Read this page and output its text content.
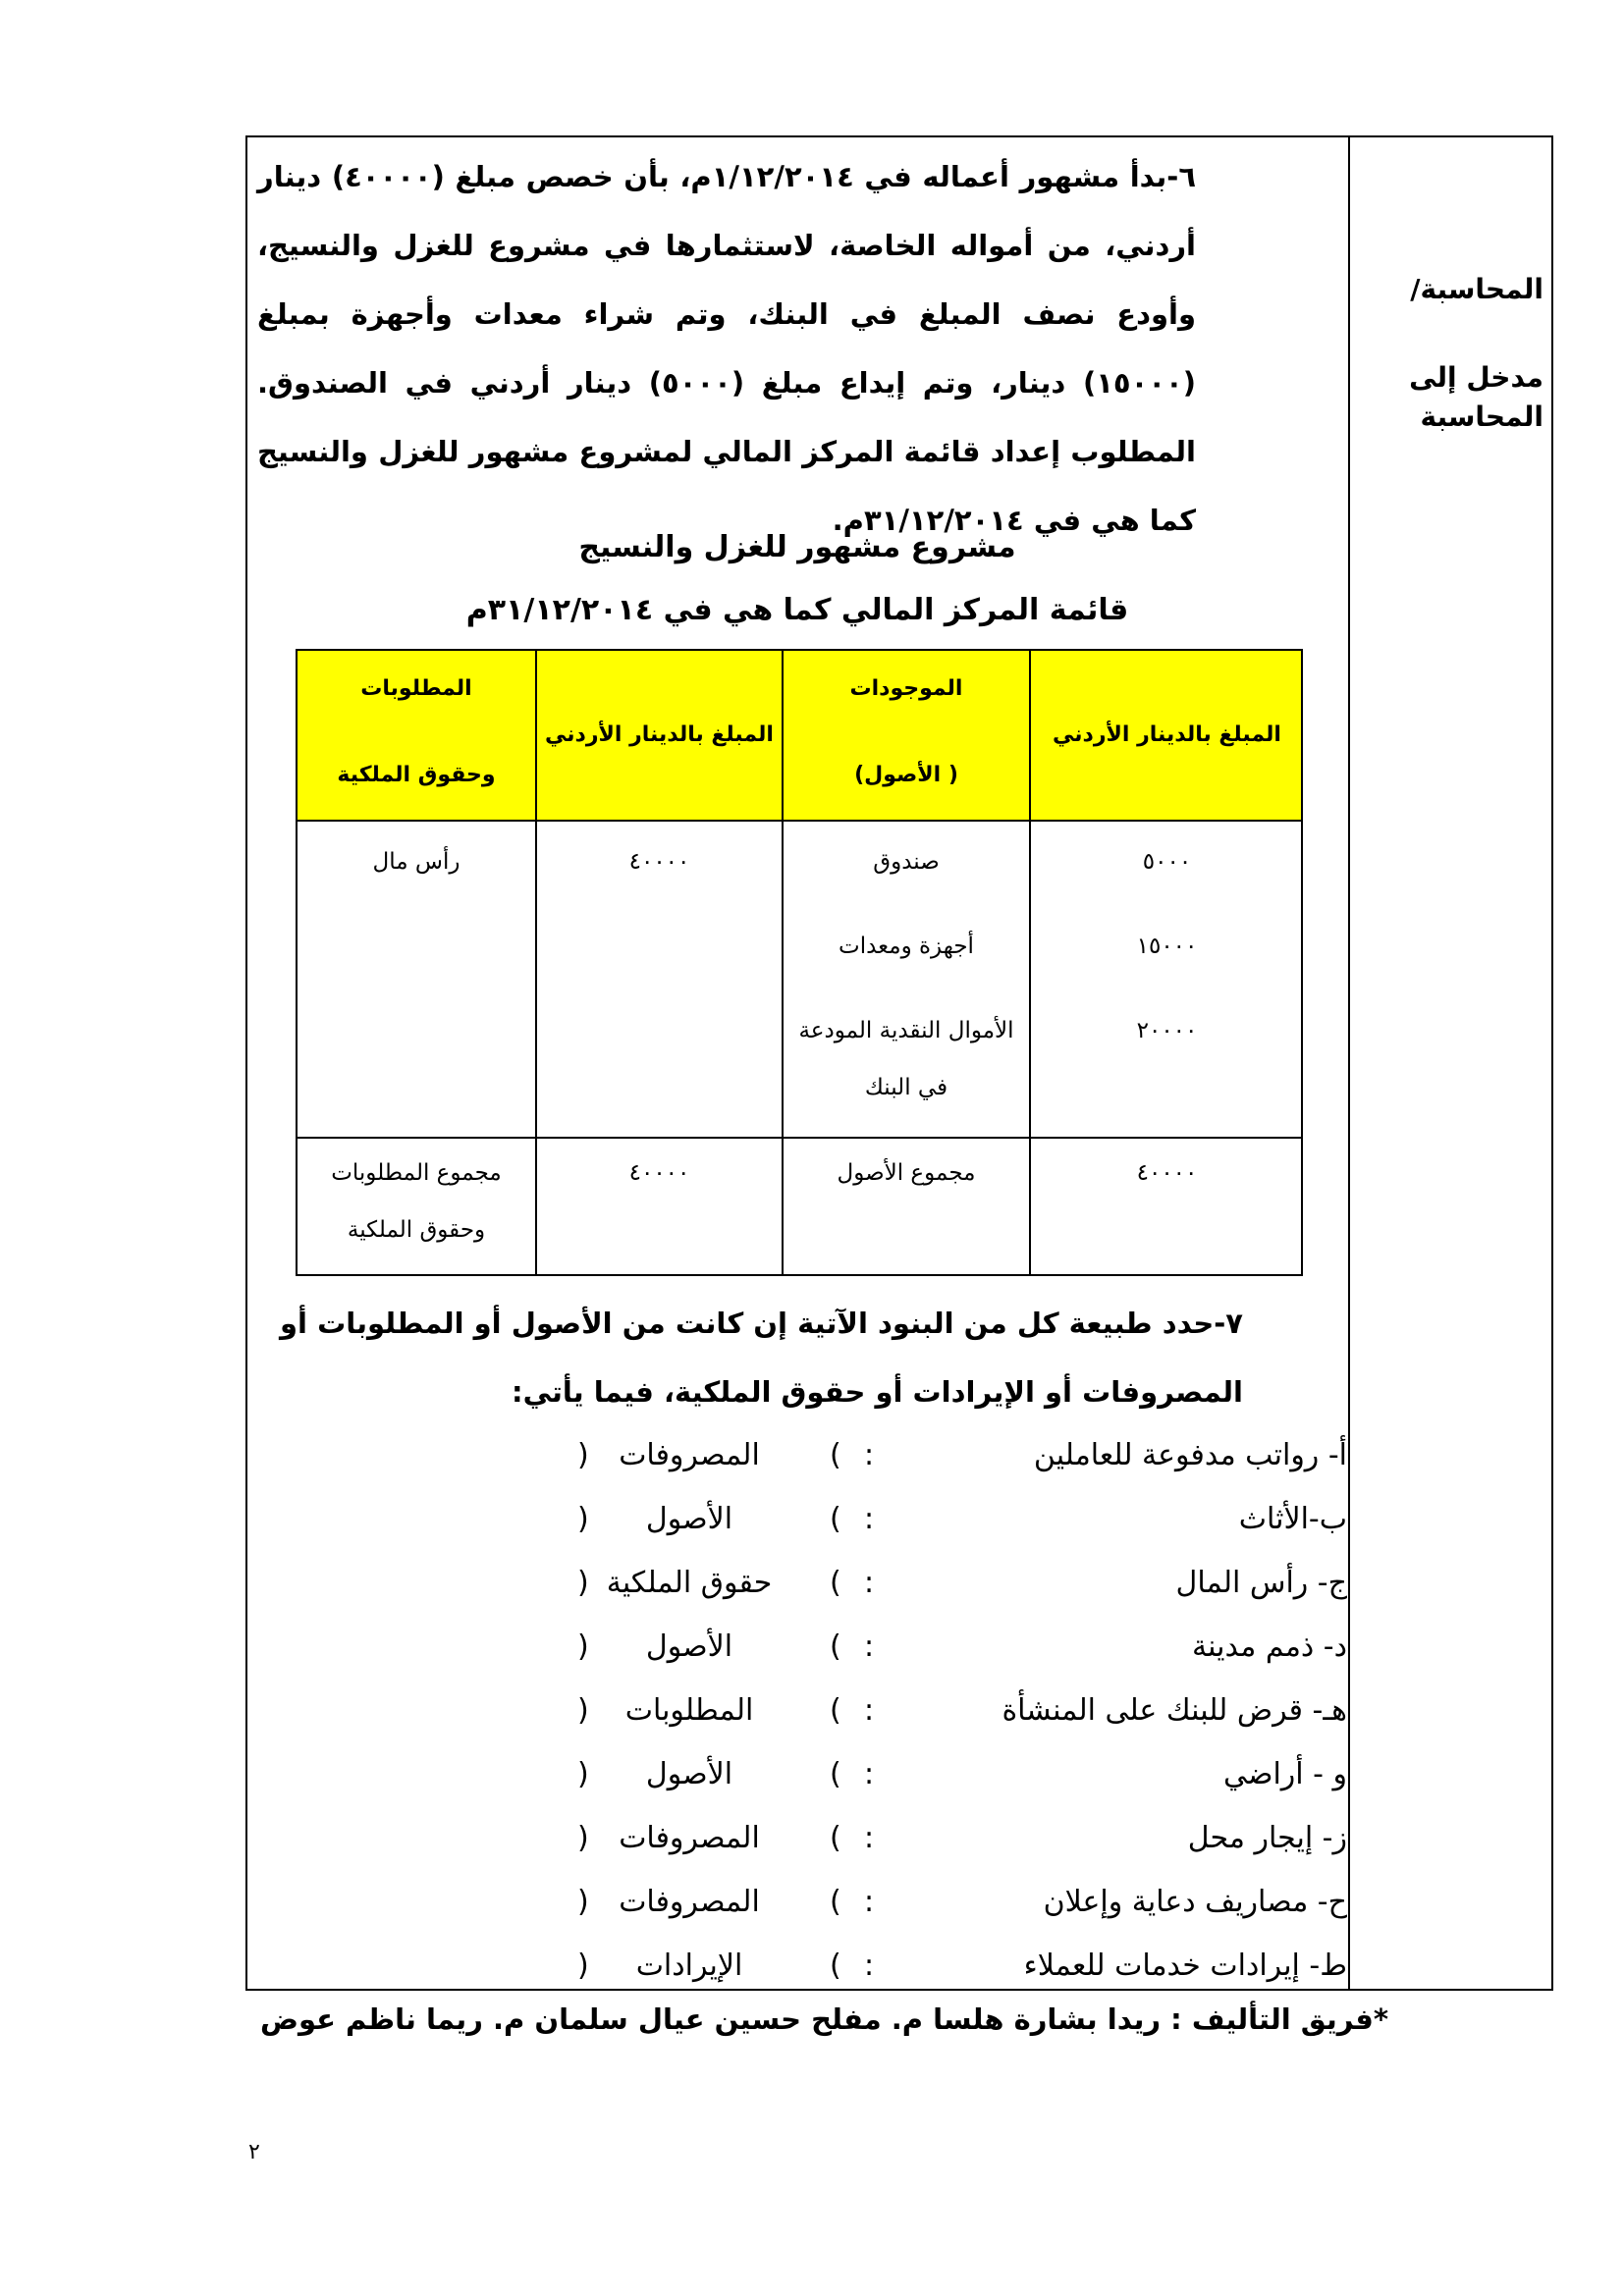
المحاسبة/
مدخل إلى المحاسبة
٦-بدأ مشهور أعماله في ١/١٢/٢٠١٤م، بأن خصص مبلغ (٤٠٠٠٠) دينار أردني، من أمواله الخاصة، لاستثمارها في مشروع للغزل والنسيج، وأودع نصف المبلغ في البنك، وتم شراء معدات وأجهزة بمبلغ (١٥٠٠٠) دينار، وتم إيداع مبلغ (٥٠٠٠) دينار أردني في الصندوق. المطلوب إعداد قائمة المركز المالي لمشروع مشهور للغزل والنسيج كما هي في ٣١/١٢/٢٠١٤م.
مشروع مشهور للغزل والنسيج
قائمة المركز المالي كما هي في ٣١/١٢/٢٠١٤م
المبلغ بالدينار الأردني
الموجودات
( الأصول)
المبلغ بالدينار الأردني
المطلوبات
وحقوق الملكية
٥٠٠٠
صندوق
٤٠٠٠٠
رأس مال
١٥٠٠٠
أجهزة ومعدات
٢٠٠٠٠
الأموال النقدية المودعة
في البنك
٤٠٠٠٠
مجموع الأصول
٤٠٠٠٠
مجموع المطلوبات
وحقوق الملكية
٧-حدد طبيعة كل من البنود الآتية إن كانت من الأصول أو المطلوبات أو المصروفات أو الإيرادات أو حقوق الملكية، فيما يأتي:
أ- رواتب مدفوعة للعاملين
:
(
المصروفات
)
ب-الأثاث
:
(
الأصول
)
ج- رأس المال
:
(
حقوق الملكية
)
د- ذمم مدينة
:
(
الأصول
)
هـ- قرض للبنك على المنشأة
:
(
المطلوبات
)
و - أراضي
:
(
الأصول
)
ز- إيجار محل
:
(
المصروفات
)
ح- مصاريف دعاية وإعلان
:
(
المصروفات
)
ط- إيرادات خدمات للعملاء
:
(
الإيرادات
)
*فريق التأليف : ريدا بشارة هلسا م. مفلح حسين عيال سلمان م. ريما ناظم عوض
٢
